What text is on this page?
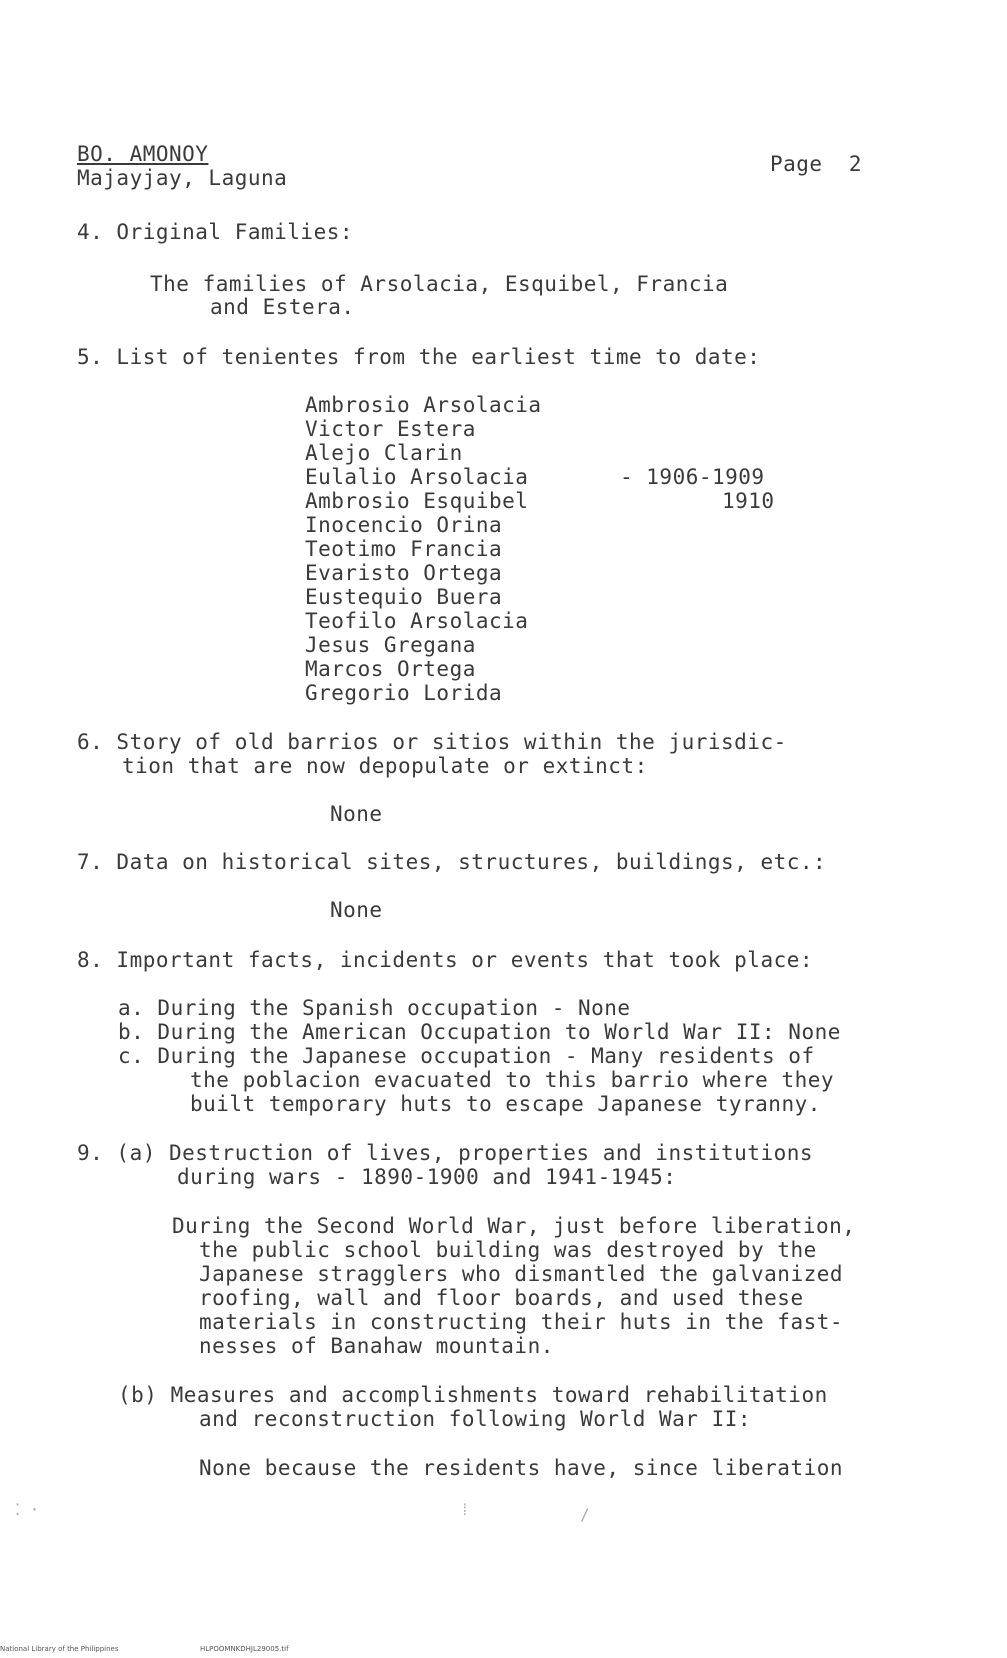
BO. AMONOY
Majayjay, Laguna
Page  2
4. Original Families:
The families of Arsolacia, Esquibel, Francia
and Estera.
5. List of tenientes from the earliest time to date:
Ambrosio Arsolacia
Victor Estera
Alejo Clarin
Eulalio Arsolacia
Ambrosio Esquibel
Inocencio Orina
Teotimo Francia
Evaristo Ortega
Eustequio Buera
Teofilo Arsolacia
Jesus Gregana
Marcos Ortega
Gregorio Lorida
- 1906-1909
1910
6. Story of old barrios or sitios within the jurisdic-
tion that are now depopulate or extinct:
None
7. Data on historical sites, structures, buildings, etc.:
None
8. Important facts, incidents or events that took place:
a. During the Spanish occupation - None
b. During the American Occupation to World War II: None
c. During the Japanese occupation - Many residents of
the poblacion evacuated to this barrio where they
built temporary huts to escape Japanese tyranny.
9. (a) Destruction of lives, properties and institutions
during wars - 1890-1900 and 1941-1945:
During the Second World War, just before liberation,
the public school building was destroyed by the
Japanese stragglers who dismantled the galvanized
roofing, wall and floor boards, and used these
materials in constructing their huts in the fast-
nesses of Banahaw mountain.
(b) Measures and accomplishments toward rehabilitation
and reconstruction following World War II:
None because the residents have, since liberation
⁞	/
⁚ ·
National Library of the Philippines	HLPOOMNKDHJL29005.tif
